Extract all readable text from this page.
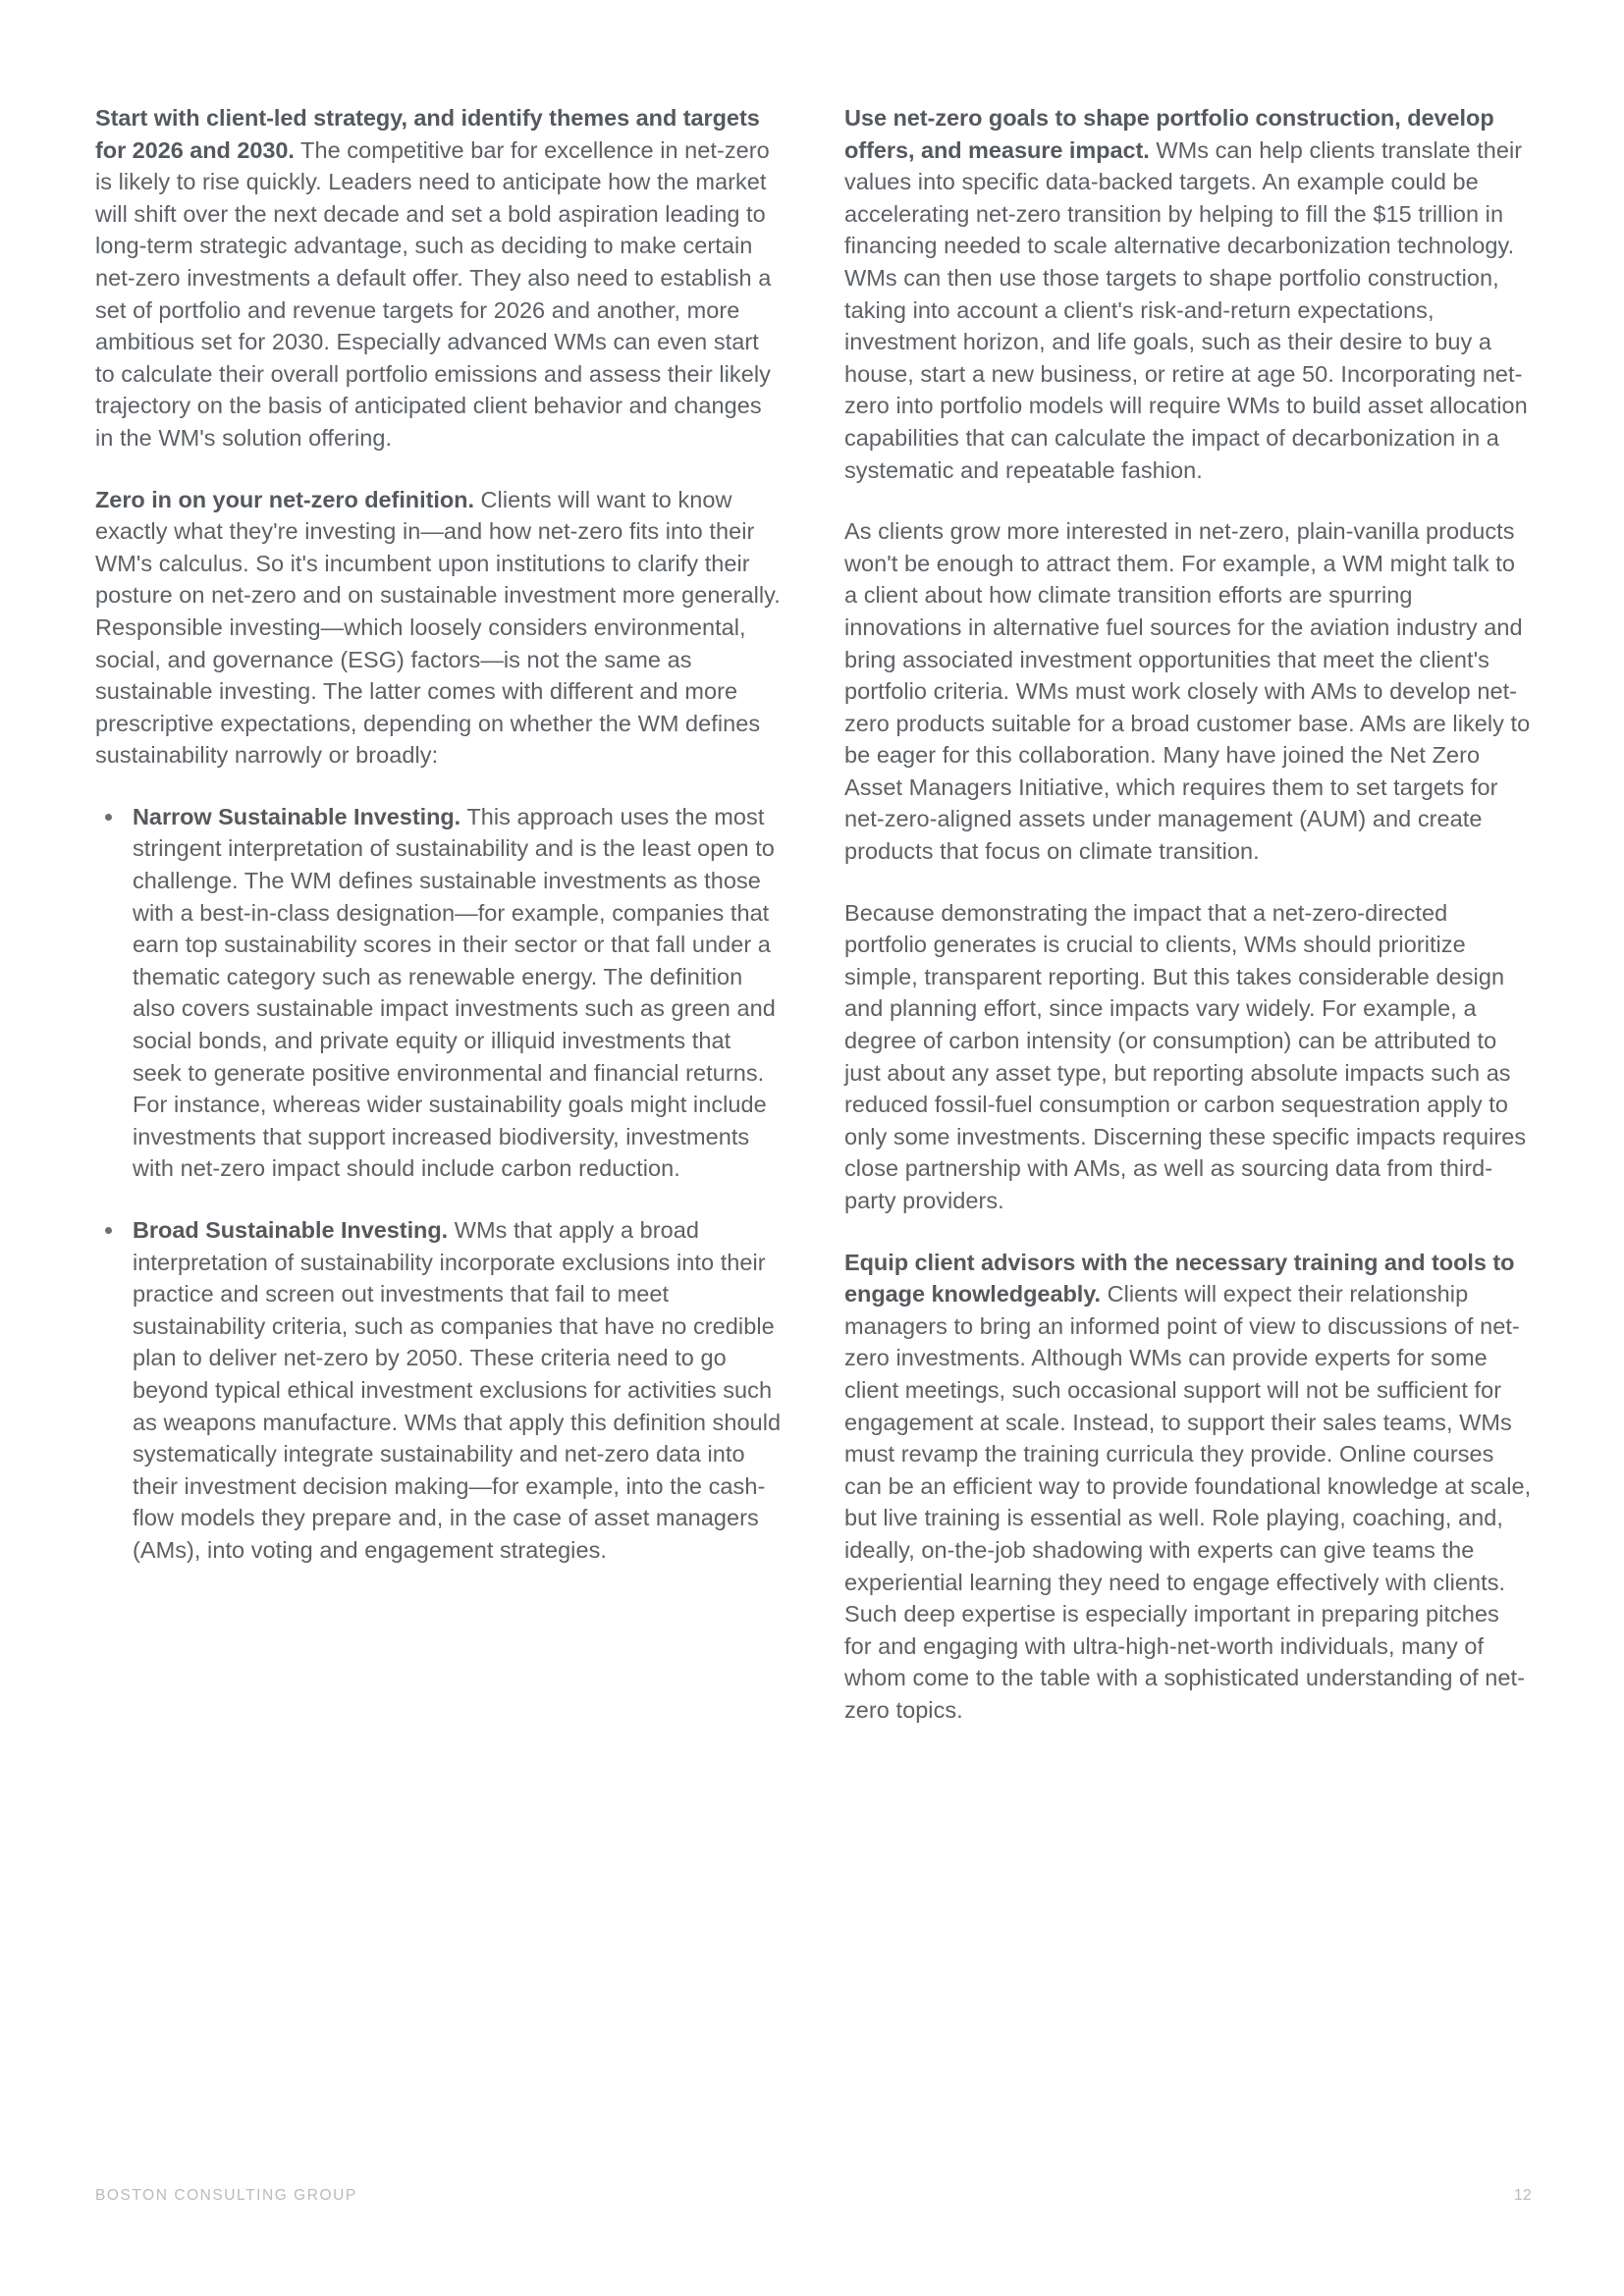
Start with client-led strategy, and identify themes and targets for 2026 and 2030. The competitive bar for excellence in net-zero is likely to rise quickly. Leaders need to anticipate how the market will shift over the next decade and set a bold aspiration leading to long-term strategic advantage, such as deciding to make certain net-zero investments a default offer. They also need to establish a set of portfolio and revenue targets for 2026 and another, more ambitious set for 2030. Especially advanced WMs can even start to calculate their overall portfolio emissions and assess their likely trajectory on the basis of anticipated client behavior and changes in the WM's solution offering.

Zero in on your net-zero definition. Clients will want to know exactly what they're investing in—and how net-zero fits into their WM's calculus. So it's incumbent upon institutions to clarify their posture on net-zero and on sustainable investment more generally. Responsible investing—which loosely considers environmental, social, and governance (ESG) factors—is not the same as sustainable investing. The latter comes with different and more prescriptive expectations, depending on whether the WM defines sustainability narrowly or broadly:

Narrow Sustainable Investing. This approach uses the most stringent interpretation of sustainability and is the least open to challenge. The WM defines sustainable investments as those with a best-in-class designation—for example, companies that earn top sustainability scores in their sector or that fall under a thematic category such as renewable energy. The definition also covers sustainable impact investments such as green and social bonds, and private equity or illiquid investments that seek to generate positive environmental and financial returns. For instance, whereas wider sustainability goals might include investments that support increased biodiversity, investments with net-zero impact should include carbon reduction.
Broad Sustainable Investing. WMs that apply a broad interpretation of sustainability incorporate exclusions into their practice and screen out investments that fail to meet sustainability criteria, such as companies that have no credible plan to deliver net-zero by 2050. These criteria need to go beyond typical ethical investment exclusions for activities such as weapons manufacture. WMs that apply this definition should systematically integrate sustainability and net-zero data into their investment decision making—for example, into the cash-flow models they prepare and, in the case of asset managers (AMs), into voting and engagement strategies.

Use net-zero goals to shape portfolio construction, develop offers, and measure impact. WMs can help clients translate their values into specific data-backed targets. An example could be accelerating net-zero transition by helping to fill the $15 trillion in financing needed to scale alternative decarbonization technology. WMs can then use those targets to shape portfolio construction, taking into account a client's risk-and-return expectations, investment horizon, and life goals, such as their desire to buy a house, start a new business, or retire at age 50. Incorporating net-zero into portfolio models will require WMs to build asset allocation capabilities that can calculate the impact of decarbonization in a systematic and repeatable fashion.

As clients grow more interested in net-zero, plain-vanilla products won't be enough to attract them. For example, a WM might talk to a client about how climate transition efforts are spurring innovations in alternative fuel sources for the aviation industry and bring associated investment opportunities that meet the client's portfolio criteria. WMs must work closely with AMs to develop net-zero products suitable for a broad customer base. AMs are likely to be eager for this collaboration. Many have joined the Net Zero Asset Managers Initiative, which requires them to set targets for net-zero-aligned assets under management (AUM) and create products that focus on climate transition.

Because demonstrating the impact that a net-zero-directed portfolio generates is crucial to clients, WMs should prioritize simple, transparent reporting. But this takes considerable design and planning effort, since impacts vary widely. For example, a degree of carbon intensity (or consumption) can be attributed to just about any asset type, but reporting absolute impacts such as reduced fossil-fuel consumption or carbon sequestration apply to only some investments. Discerning these specific impacts requires close partnership with AMs, as well as sourcing data from third-party providers.

Equip client advisors with the necessary training and tools to engage knowledgeably. Clients will expect their relationship managers to bring an informed point of view to discussions of net-zero investments. Although WMs can provide experts for some client meetings, such occasional support will not be sufficient for engagement at scale. Instead, to support their sales teams, WMs must revamp the training curricula they provide. Online courses can be an efficient way to provide foundational knowledge at scale, but live training is essential as well. Role playing, coaching, and, ideally, on-the-job shadowing with experts can give teams the experiential learning they need to engage effectively with clients. Such deep expertise is especially important in preparing pitches for and engaging with ultra-high-net-worth individuals, many of whom come to the table with a sophisticated understanding of net-zero topics.

BOSTON CONSULTING GROUP	12
